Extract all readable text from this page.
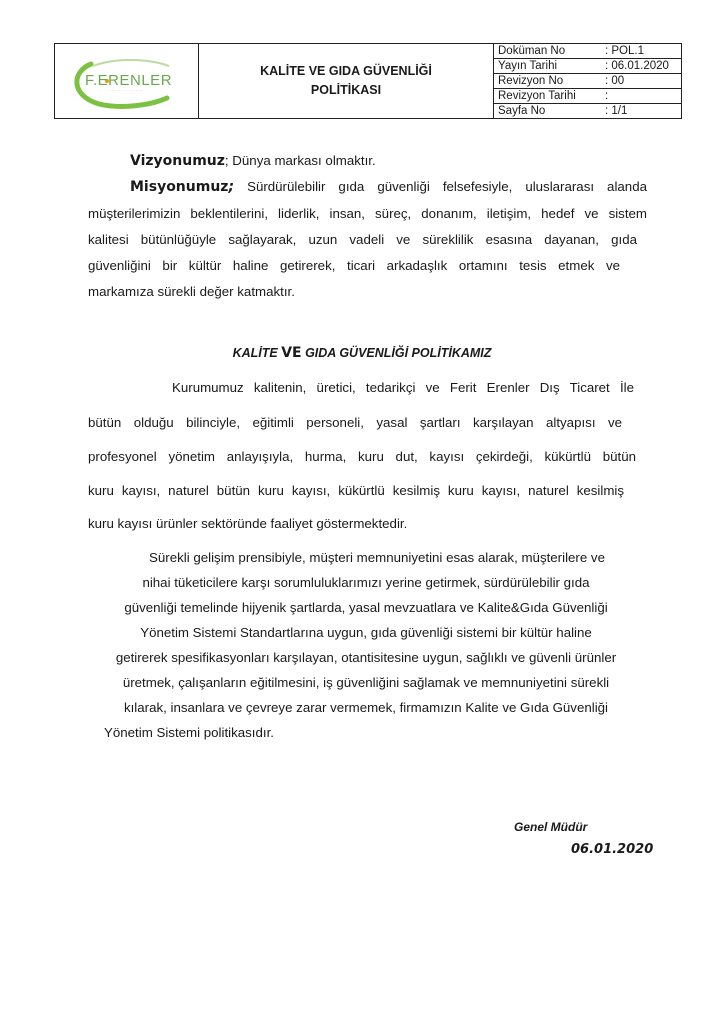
F.ERENLER
· · · · · · · · · · · · · ·
KALİTE VE GIDA GÜVENLİĞİ
POLİTİKASI
Doküman No	: POL.1
Yayın Tarihi	: 06.01.2020
Revizyon No	: 00
Revizyon Tarihi	:
Sayfa No	: 1/1
Vizyonumuz; Dünya markası olmaktır.
Misyonumuz; Sürdürülebilir gıda güvenliği felsefesiyle, uluslararası alanda
müşterilerimizin beklentilerini, liderlik, insan, süreç, donanım, iletişim, hedef ve sistem
kalitesi bütünlüğüyle sağlayarak, uzun vadeli ve süreklilik esasına dayanan, gıda
güvenliğini bir kültür haline getirerek, ticari arkadaşlık ortamını tesis etmek ve
markamıza sürekli değer katmaktır.
KALİTE VE GIDA GÜVENLİĞİ POLİTİKAMIZ
Kurumumuz kalitenin, üretici, tedarikçi ve Ferit Erenler Dış Ticaret İle
bütün olduğu bilinciyle, eğitimli personeli, yasal şartları karşılayan altyapısı ve
profesyonel yönetim anlayışıyla, hurma, kuru dut, kayısı çekirdeği, kükürtlü bütün
kuru kayısı, naturel bütün kuru kayısı, kükürtlü kesilmiş kuru kayısı, naturel kesilmiş
kuru kayısı ürünler sektöründe faaliyet göstermektedir.
Sürekli gelişim prensibiyle, müşteri memnuniyetini esas alarak, müşterilere ve
nihai tüketicilere karşı sorumluluklarımızı yerine getirmek, sürdürülebilir gıda
güvenliği temelinde hijyenik şartlarda, yasal mevzuatlara ve Kalite&Gıda Güvenliği
Yönetim Sistemi Standartlarına uygun, gıda güvenliği sistemi bir kültür haline
getirerek spesifikasyonları karşılayan, otantisitesine uygun, sağlıklı ve güvenli ürünler
üretmek, çalışanların eğitilmesini, iş güvenliğini sağlamak ve memnuniyetini sürekli
kılarak, insanlara ve çevreye zarar vermemek, firmamızın Kalite ve Gıda Güvenliği
Yönetim Sistemi politikasıdır.
Genel Müdür
06.01.2020
